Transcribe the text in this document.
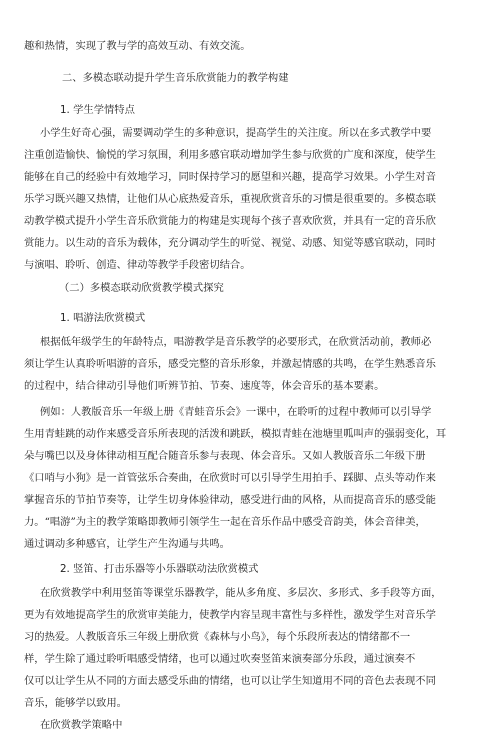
趣和热情，实现了教与学的高效互动、有效交流。
二、多模态联动提升学生音乐欣赏能力的教学构建
1. 学生学情特点
小学生好奇心强，需要调动学生的多种意识，提高学生的关注度。所以在多式教学中要
注重创造愉快、愉悦的学习氛围，利用多感官联动增加学生参与欣赏的广度和深度，使学生
能够在自己的经验中有效地学习，同时保持学习的愿望和兴趣，提高学习效果。小学生对音
乐学习既兴趣又热情，让他们从心底热爱音乐，重视欣赏音乐的习惯是很重要的。多模态联
动教学模式提升小学生音乐欣赏能力的构建是实现每个孩子喜欢欣赏，并具有一定的音乐欣
赏能力。以生动的音乐为载体，充分调动学生的听觉、视觉、动感、知觉等感官联动，同时
与演唱、聆听、创造、律动等教学手段密切结合。
（二）多模态联动欣赏教学模式探究
1. 唱游法欣赏模式
根据低年级学生的年龄特点，唱游教学是音乐教学的必要形式，在欣赏活动前，教师必
须让学生认真聆听唱游的音乐，感受完整的音乐形象，并激起情感的共鸣，在学生熟悉音乐
的过程中，结合律动引导他们听辨节拍、节奏、速度等，体会音乐的基本要素。
例如：人教版音乐一年级上册《青蛙音乐会》一课中，在聆听的过程中教师可以引导学
生用青蛙跳的动作来感受音乐所表现的活泼和跳跃，模拟青蛙在池塘里呱叫声的强弱变化，耳
朵与嘴巴以及身体律动相互配合随音乐参与表现、体会音乐。又如人教版音乐二年级下册
《口哨与小狗》是一首管弦乐合奏曲，在欣赏时可以引导学生用拍手、踩脚、点头等动作来
掌握音乐的节拍节奏等，让学生切身体验律动，感受进行曲的风格，从而提高音乐的感受能
力。“唱游”为主的教学策略即教师引领学生一起在音乐作品中感受音韵美，体会音律美，
通过调动多种感官，让学生产生沟通与共鸣。
2. 竖笛、打击乐器等小乐器联动法欣赏模式
在欣赏教学中利用竖笛等课堂乐器教学，能从多角度、多层次、多形式、多手段等方面，
更为有效地提高学生的欣赏审美能力，使教学内容呈现丰富性与多样性，激发学生对音乐学
习的热爱。人教版音乐三年级上册欣赏《森林与小鸟》，每个乐段所表达的情绪都不一
样，学生除了通过聆听唱感受情绪，也可以通过吹奏竖笛来演奏部分乐段，通过演奏不
仅可以让学生从不同的方面去感受乐曲的情绪，也可以让学生知道用不同的音色去表现不同
音乐，能够学以致用。
在欣赏教学策略中
